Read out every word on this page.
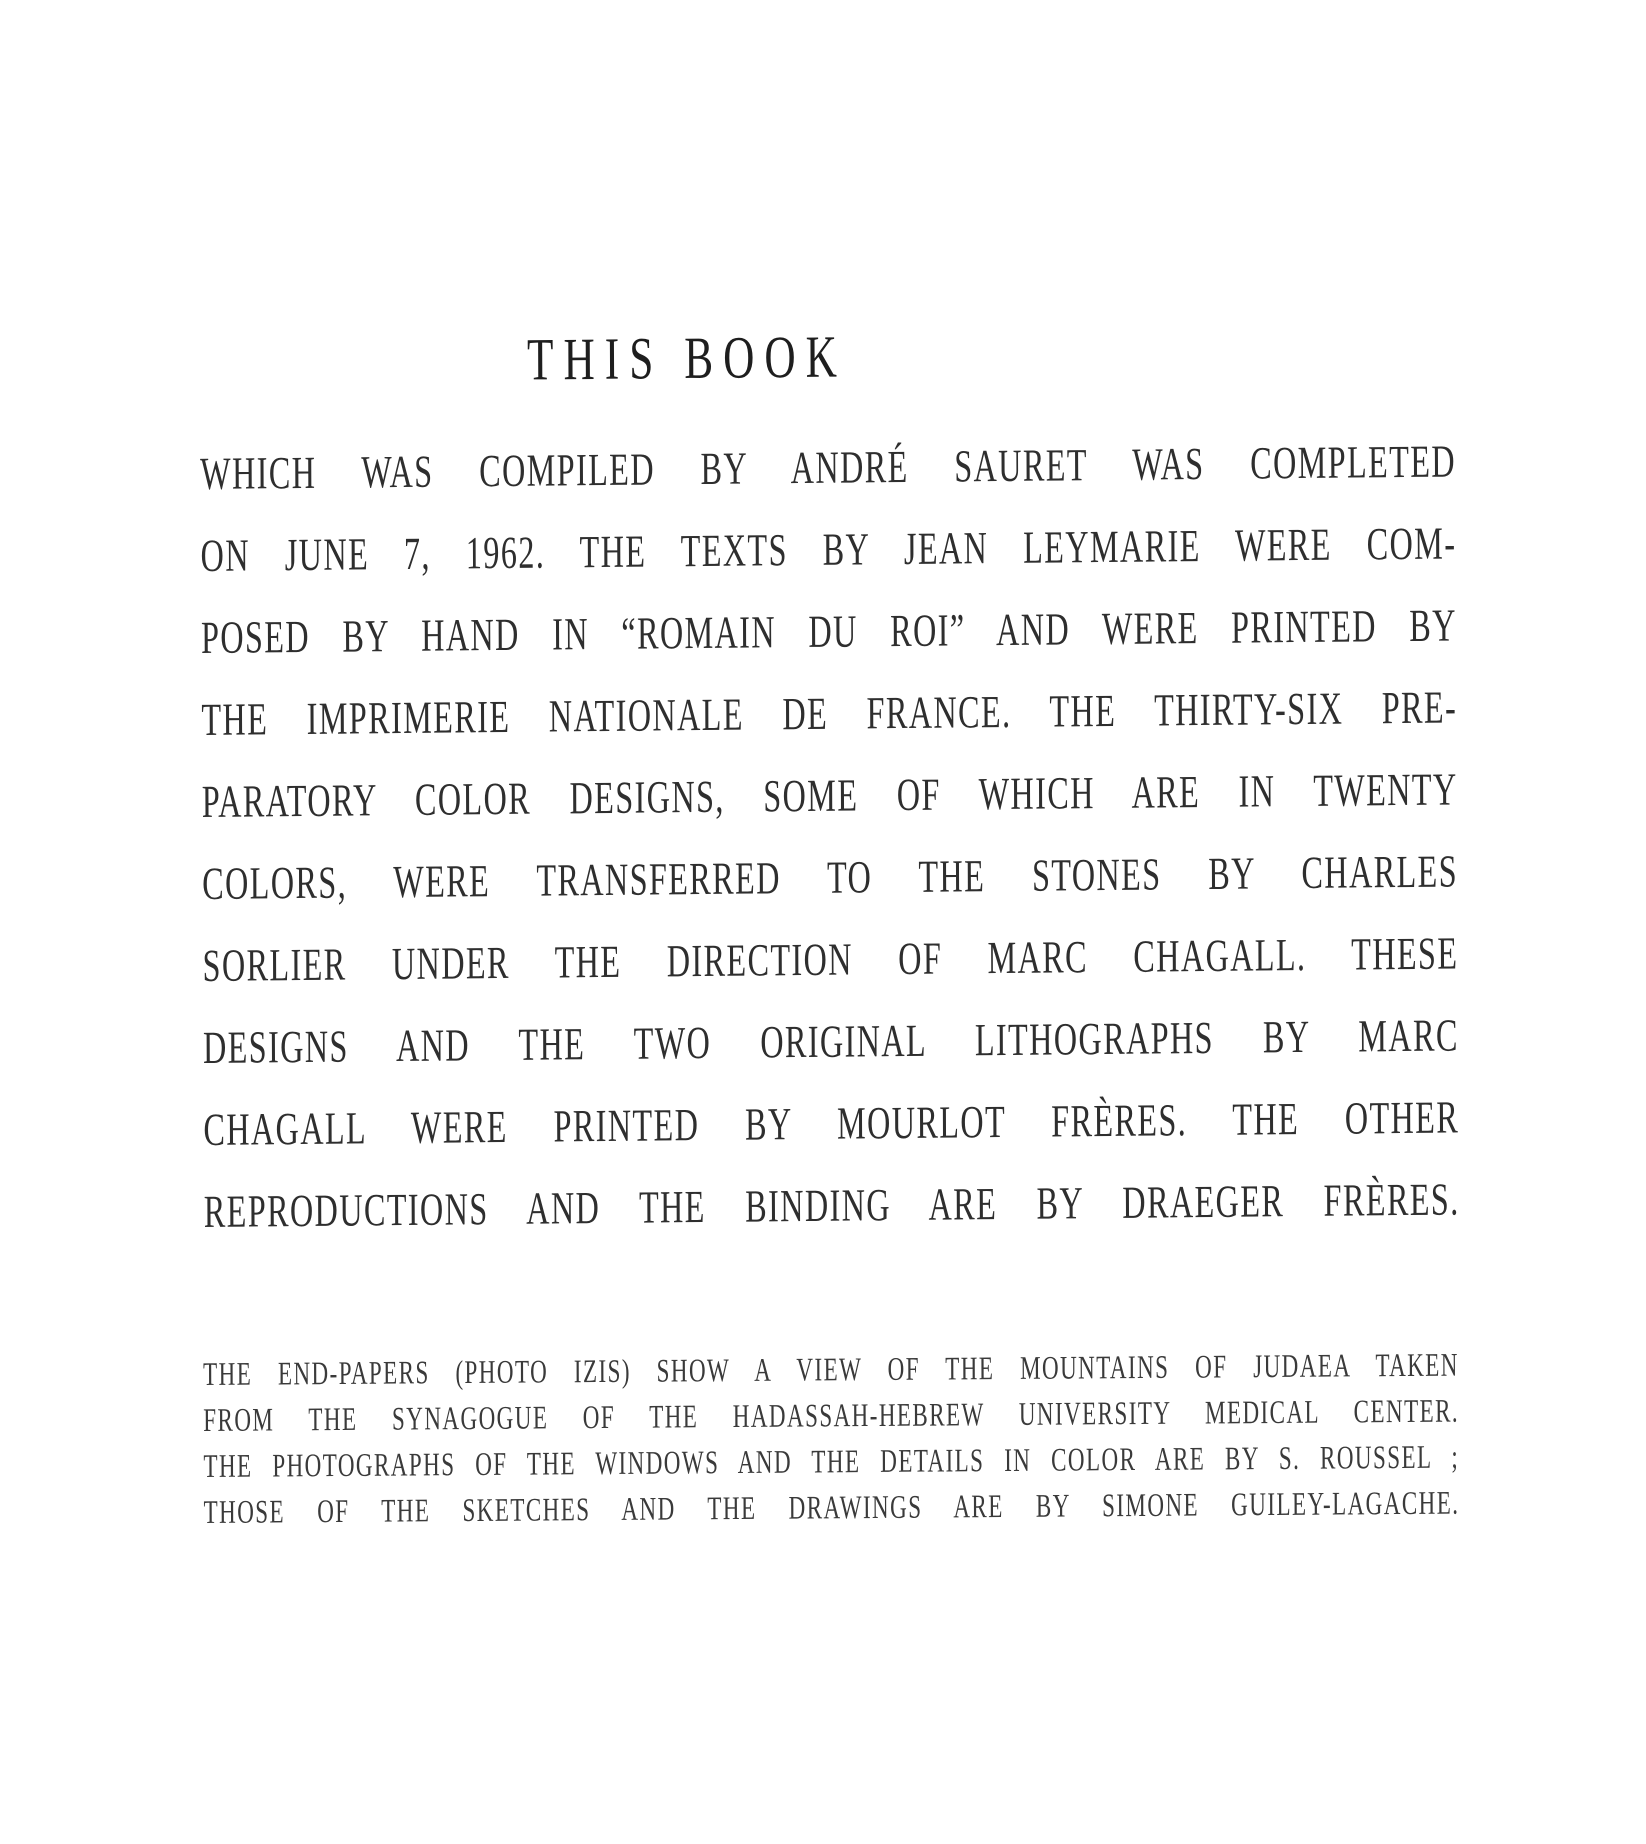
THIS BOOK
WHICH WAS COMPILED BY ANDRÉ SAURET WAS COMPLETED
ON JUNE 7, 1962. THE TEXTS BY JEAN LEYMARIE WERE COM-
POSED BY HAND IN “ROMAIN DU ROI” AND WERE PRINTED BY
THE IMPRIMERIE NATIONALE DE FRANCE. THE THIRTY-SIX PRE-
PARATORY COLOR DESIGNS, SOME OF WHICH ARE IN TWENTY
COLORS, WERE TRANSFERRED TO THE STONES BY CHARLES
SORLIER UNDER THE DIRECTION OF MARC CHAGALL. THESE
DESIGNS AND THE TWO ORIGINAL LITHOGRAPHS BY MARC
CHAGALL WERE PRINTED BY MOURLOT FRÈRES. THE OTHER
REPRODUCTIONS AND THE BINDING ARE BY DRAEGER FRÈRES.
THE END-PAPERS (PHOTO IZIS) SHOW A VIEW OF THE MOUNTAINS OF JUDAEA TAKEN
FROM THE SYNAGOGUE OF THE HADASSAH-HEBREW UNIVERSITY MEDICAL CENTER.
THE PHOTOGRAPHS OF THE WINDOWS AND THE DETAILS IN COLOR ARE BY S. ROUSSEL ;
THOSE OF THE SKETCHES AND THE DRAWINGS ARE BY SIMONE GUILEY-LAGACHE.
